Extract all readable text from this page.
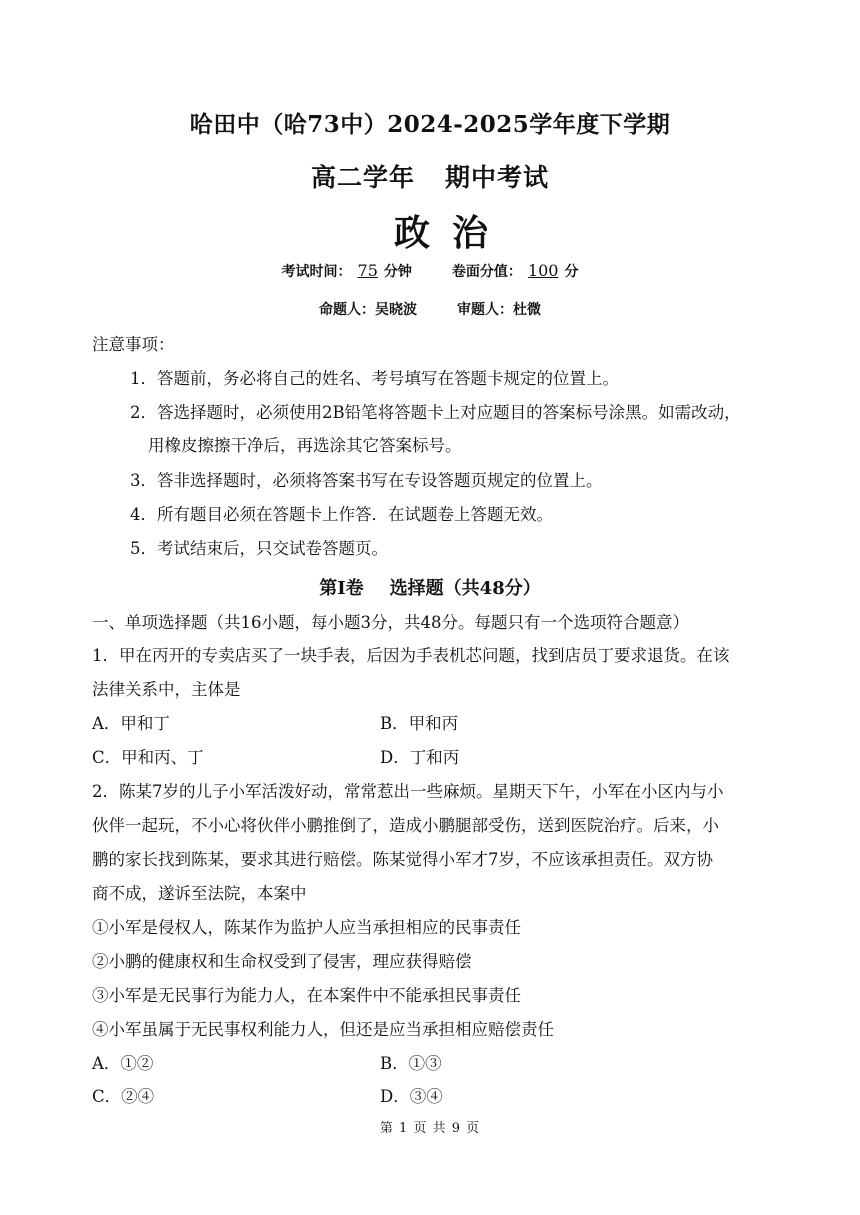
哈田中（哈73中）2024-2025学年度下学期
高二学年 期中考试
政治
考试时间： 75 分钟	卷面分值： 100 分
命题人：吴晓波	审题人：杜微
注意事项：
1．答题前，务必将自己的姓名、考号填写在答题卡规定的位置上。
2．答选择题时，必须使用2B铅笔将答题卡上对应题目的答案标号涂黑。如需改动，
用橡皮擦擦干净后，再选涂其它答案标号。
3．答非选择题时，必须将答案书写在专设答题页规定的位置上。
4．所有题目必须在答题卡上作答．在试题卷上答题无效。
5．考试结束后，只交试卷答题页。
第Ⅰ卷 选择题（共48分）
一、单项选择题（共16小题，每小题3分，共48分。每题只有一个选项符合题意）
1．甲在丙开的专卖店买了一块手表，后因为手表机芯问题，找到店员丁要求退货。在该
法律关系中，主体是
A．甲和丁	B．甲和丙
C．甲和丙、丁	D．丁和丙
2．陈某7岁的儿子小军活泼好动，常常惹出一些麻烦。星期天下午，小军在小区内与小
伙伴一起玩，不小心将伙伴小鹏推倒了，造成小鹏腿部受伤，送到医院治疗。后来，小
鹏的家长找到陈某，要求其进行赔偿。陈某觉得小军才7岁，不应该承担责任。双方协
商不成，遂诉至法院，本案中
①小军是侵权人，陈某作为监护人应当承担相应的民事责任
②小鹏的健康权和生命权受到了侵害，理应获得赔偿
③小军是无民事行为能力人，在本案件中不能承担民事责任
④小军虽属于无民事权利能力人，但还是应当承担相应赔偿责任
A．①②	B．①③
C．②④	D．③④
第 1 页 共 9 页
